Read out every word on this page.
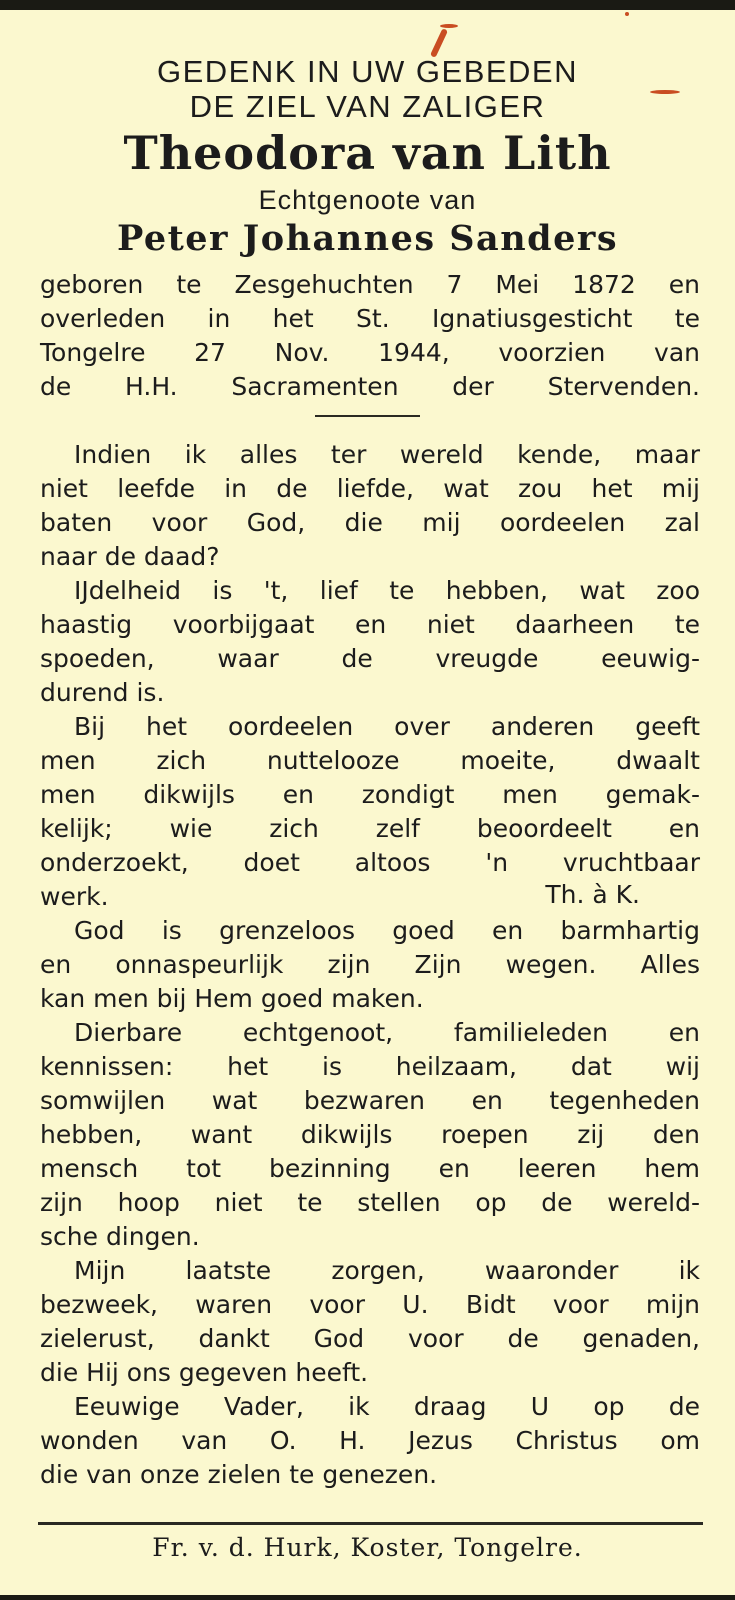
GEDENK IN UW GEBEDEN
DE ZIEL VAN ZALIGER
Theodora van Lith
Echtgenoote van
Peter Johannes Sanders
geboren te Zesgehuchten 7 Mei 1872 en
overleden in het St. Ignatiusgesticht te
Tongelre 27 Nov. 1944, voorzien van
de H.H. Sacramenten der Stervenden.
Indien ik alles ter wereld kende, maar
niet leefde in de liefde, wat zou het mij
baten voor God, die mij oordeelen zal
naar de daad?
IJdelheid is 't, lief te hebben, wat zoo
haastig voorbijgaat en niet daarheen te
spoeden, waar de vreugde eeuwig-
durend is.
Bij het oordeelen over anderen geeft
men zich nutteloozе moeite, dwaalt
men dikwijls en zondigt men gemak-
kelijk; wie zich zelf beoordeelt en
onderzoekt, doet altoos 'n vruchtbaar
werk.	Th. à K.
God is grenzeloos goed en barmhartig
en onnaspeurlijk zijn Zijn wegen. Alles
kan men bij Hem goed maken.
Dierbare echtgenoot, familieleden en
kennissen: het is heilzaam, dat wij
somwijlen wat bezwaren en tegenheden
hebben, want dikwijls roepen zij den
mensch tot bezinning en leeren hem
zijn hoop niet te stellen op de wereld-
sche dingen.
Mijn laatste zorgen, waaronder ik
bezweek, waren voor U. Bidt voor mijn
zielerust, dankt God voor de genaden,
die Hij ons gegeven heeft.
Eeuwige Vader, ik draag U op de
wonden van O. H. Jezus Christus om
die van onze zielen te genezen.
Fr. v. d. Hurk, Koster, Tongelre.
